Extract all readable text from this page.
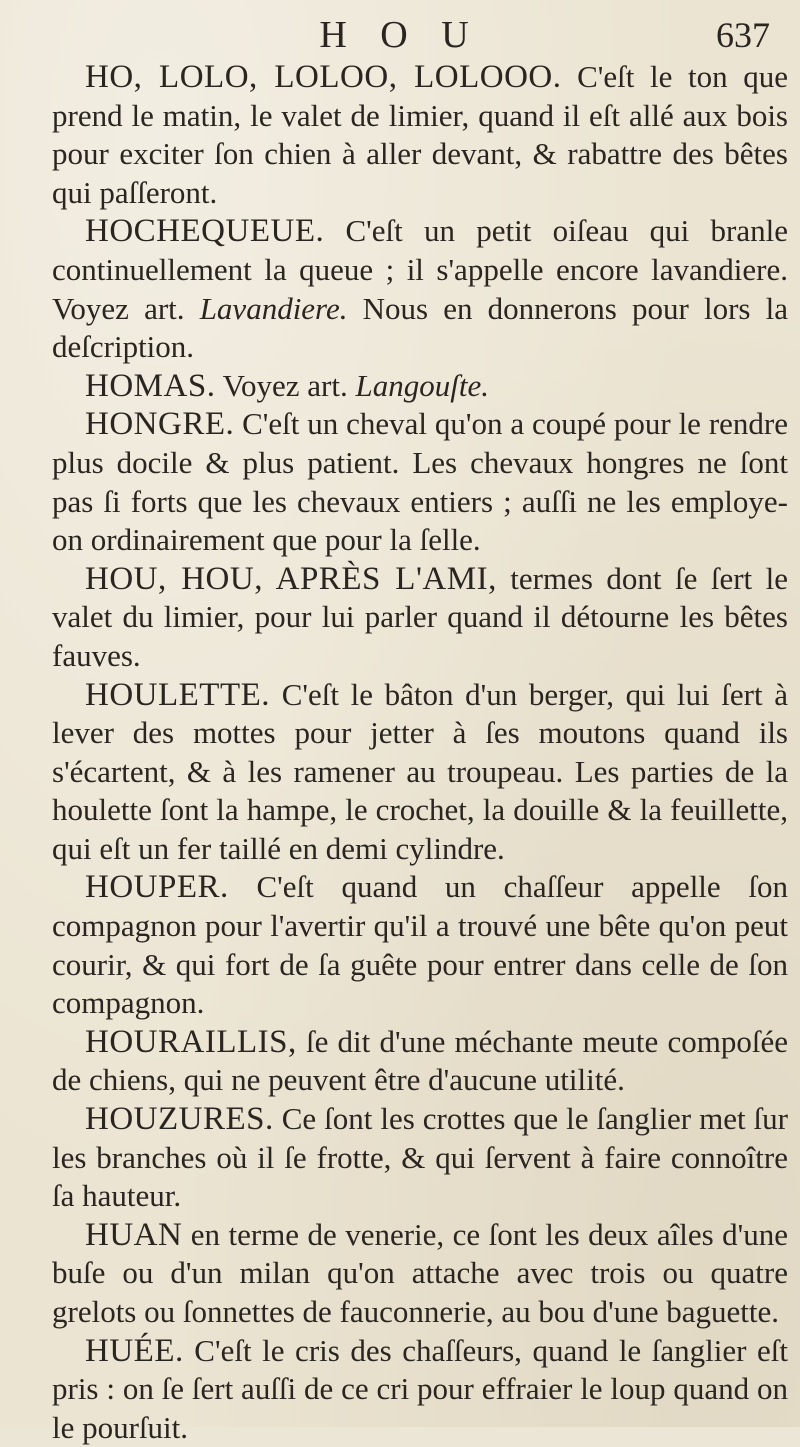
H O U	637

HO, LOLO, LOLOO, LOLOOO. C'eſt le ton que prend le matin, le valet de limier, quand il eſt allé aux bois pour exciter ſon chien à aller devant, & rabattre des bêtes qui paſſeront.

HOCHEQUEUE. C'eſt un petit oiſeau qui branle continuellement la queue ; il s'appelle encore lavandiere. Voyez art. Lavandiere. Nous en donnerons pour lors la deſcription.

HOMAS. Voyez art. Langouſte.

HONGRE. C'eſt un cheval qu'on a coupé pour le rendre plus docile & plus patient. Les chevaux hongres ne ſont pas ſi forts que les chevaux entiers ; auſſi ne les employe-on ordinairement que pour la ſelle.

HOU, HOU, APRÈS L'AMI, termes dont ſe ſert le valet du limier, pour lui parler quand il détourne les bêtes fauves.

HOULETTE. C'eſt le bâton d'un berger, qui lui ſert à lever des mottes pour jetter à ſes moutons quand ils s'écartent, & à les ramener au troupeau. Les parties de la houlette ſont la hampe, le crochet, la douille & la feuillette, qui eſt un fer taillé en demi cylindre.

HOUPER. C'eſt quand un chaſſeur appelle ſon compagnon pour l'avertir qu'il a trouvé une bête qu'on peut courir, & qui fort de ſa guête pour entrer dans celle de ſon compagnon.

HOURAILLIS, ſe dit d'une méchante meute compoſée de chiens, qui ne peuvent être d'aucune utilité.

HOUZURES. Ce ſont les crottes que le ſanglier met ſur les branches où il ſe frotte, & qui ſervent à faire connoître ſa hauteur.

HUAN en terme de venerie, ce ſont les deux aîles d'une buſe ou d'un milan qu'on attache avec trois ou quatre grelots ou ſonnettes de fauconnerie, au bou d'une baguette.

HUÉE. C'eſt le cris des chaſſeurs, quand le ſanglier eſt pris : on ſe ſert auſſi de ce cri pour effraier le loup quand on le pourſuit.
